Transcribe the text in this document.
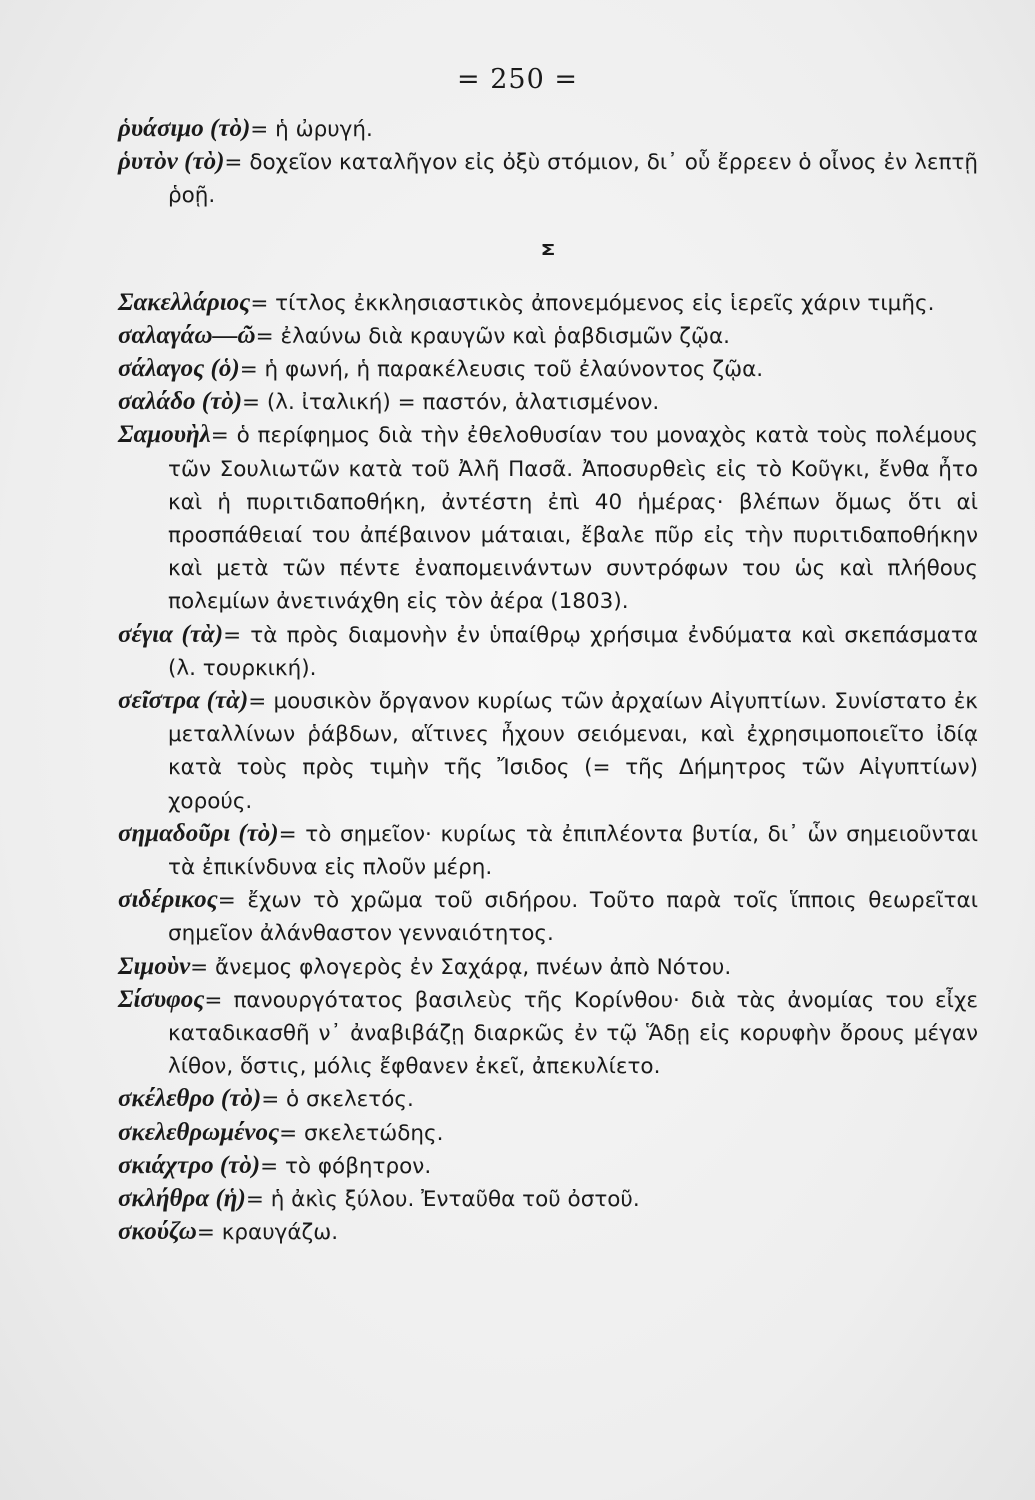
= 250 =
ῥυάσιμο (τὸ)= ἡ ὠρυγή.
ῥυτὸν (τὸ)= δοχεῖον καταλῆγον εἰς ὀξὺ στόμιον, δι᾽ οὗ ἔρρεεν ὁ οἶνος ἐν λεπτῇ ῥοῇ.
Σ
Σακελλάριος= τίτλος ἐκκλησιαστικὸς ἀπονεμόμενος εἰς ἱερεῖς χάριν τιμῆς.
σαλαγάω—ῶ= ἐλαύνω διὰ κραυγῶν καὶ ῥαβδισμῶν ζῷα.
σάλαγος (ὁ)= ἡ φωνή, ἡ παρακέλευσις τοῦ ἐλαύνοντος ζῷα.
σαλάδο (τὸ)= (λ. ἰταλική) = παστόν, ἁλατισμένον.
Σαμουὴλ= ὁ περίφημος διὰ τὴν ἐθελοθυσίαν του μοναχὸς κατὰ τοὺς πολέμους τῶν Σουλιωτῶν κατὰ τοῦ Ἀλῆ Πασᾶ. Ἀποσυρθεὶς εἰς τὸ Κοῦγκι, ἔνθα ἦτο καὶ ἡ πυριτιδαποθήκη, ἀντέστη ἐπὶ 40 ἡμέρας· βλέπων ὅμως ὅτι αἱ προσπάθειαί του ἀπέβαινον μάταιαι, ἔβαλε πῦρ εἰς τὴν πυριτιδαποθήκην καὶ μετὰ τῶν πέντε ἐναπομεινάντων συντρόφων του ὡς καὶ πλήθους πολεμίων ἀνετινάχθη εἰς τὸν ἀέρα (1803).
σέγια (τὰ)= τὰ πρὸς διαμονὴν ἐν ὑπαίθρῳ χρήσιμα ἐνδύματα καὶ σκεπάσματα (λ. τουρκική).
σεῖστρα (τὰ)= μουσικὸν ὄργανον κυρίως τῶν ἀρχαίων Αἰγυπτίων. Συνίστατο ἐκ μεταλλίνων ῥάβδων, αἵτινες ἦχουν σειόμεναι, καὶ ἐχρησιμοποιεῖτο ἰδίᾳ κατὰ τοὺς πρὸς τιμὴν τῆς Ἴσιδος (= τῆς Δήμητρος τῶν Αἰγυπτίων) χορούς.
σημαδοῦρι (τὸ)= τὸ σημεῖον· κυρίως τὰ ἐπιπλέοντα βυτία, δι᾽ ὧν σημειοῦνται τὰ ἐπικίνδυνα εἰς πλοῦν μέρη.
σιδέρικος= ἔχων τὸ χρῶμα τοῦ σιδήρου. Τοῦτο παρὰ τοῖς ἵπποις θεωρεῖται σημεῖον ἀλάνθαστον γενναιότητος.
Σιμοὺν= ἄνεμος φλογερὸς ἐν Σαχάρᾳ, πνέων ἀπὸ Νότου.
Σίσυφος= πανουργότατος βασιλεὺς τῆς Κορίνθου· διὰ τὰς ἀνομίας του εἶχε καταδικασθῆ ν᾽ ἀναβιβάζῃ διαρκῶς ἐν τῷ Ἅδῃ εἰς κορυφὴν ὄρους μέγαν λίθον, ὅστις, μόλις ἔφθανεν ἐκεῖ, ἀπεκυλίετο.
σκέλεθρο (τὸ)= ὁ σκελετός.
σκελεθρωμένος= σκελετώδης.
σκιάχτρο (τὸ)= τὸ φόβητρον.
σκλήθρα (ἡ)= ἡ ἀκὶς ξύλου. Ἐνταῦθα τοῦ ὀστοῦ.
σκούζω= κραυγάζω.
